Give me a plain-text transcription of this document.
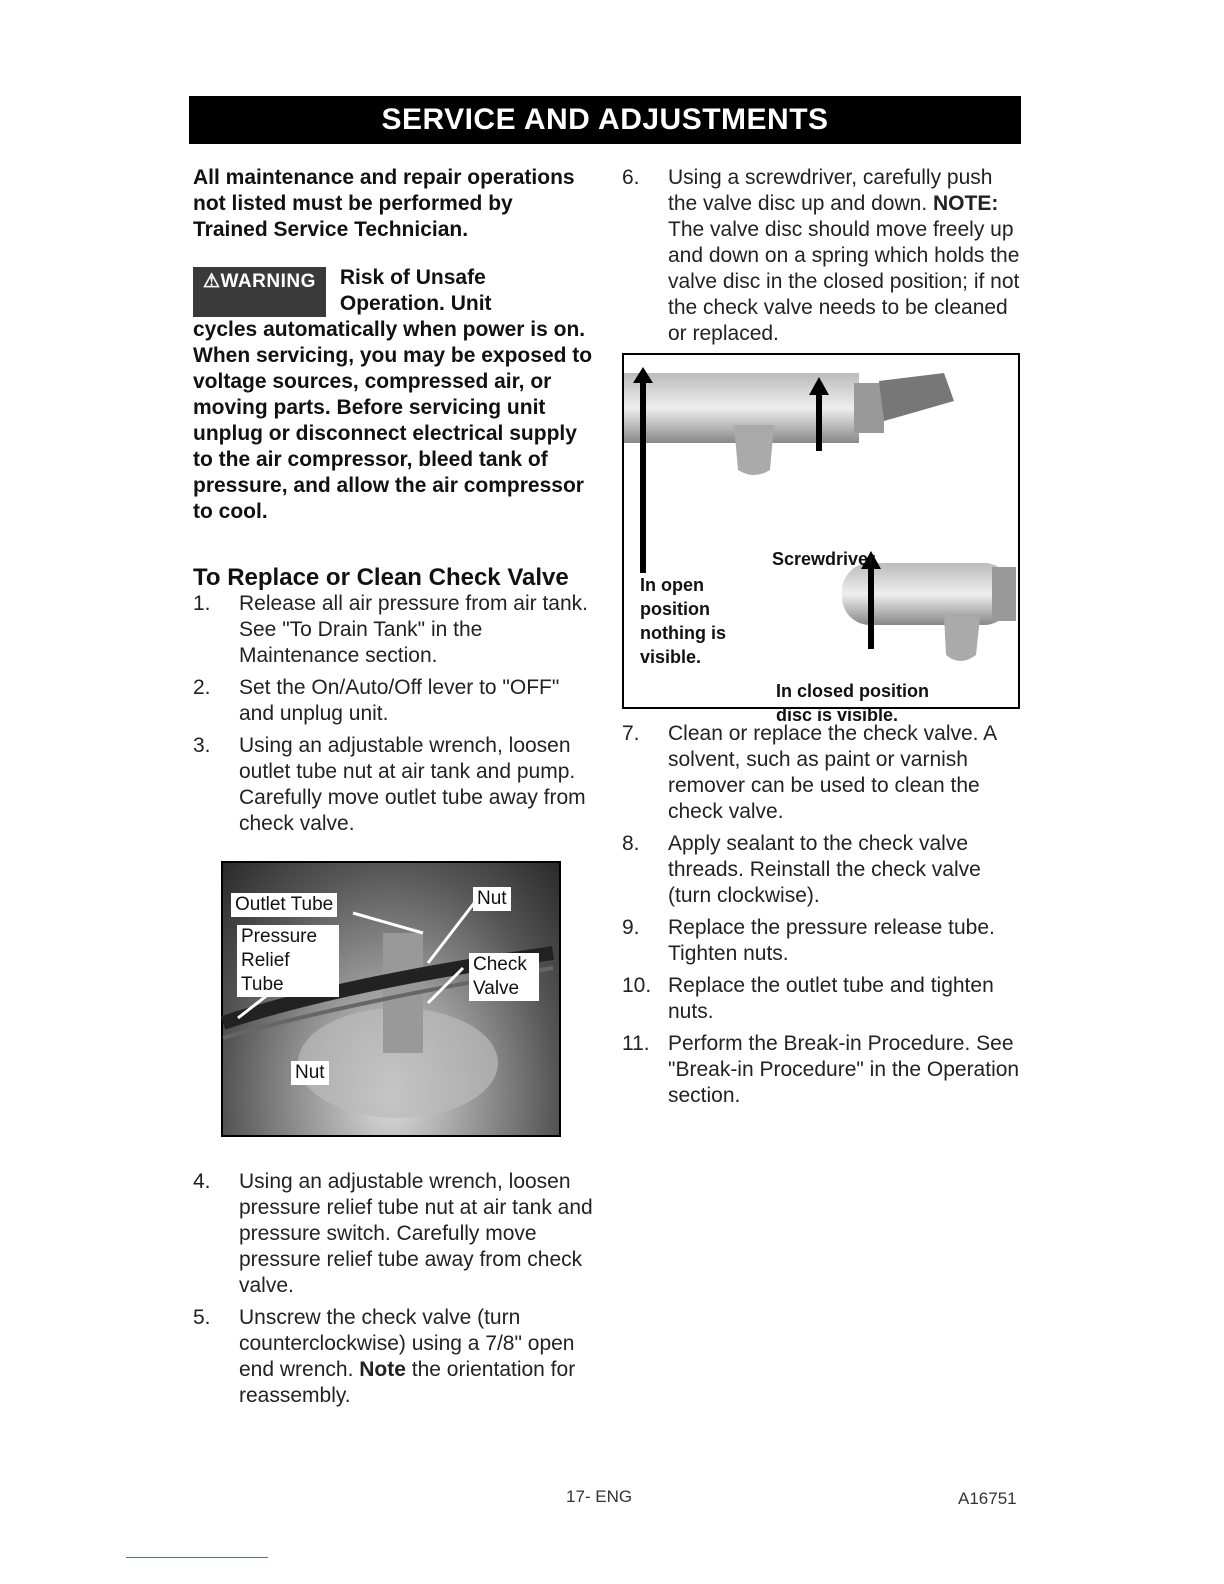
SERVICE AND ADJUSTMENTS

All maintenance and repair operations not listed must be performed by Trained Service Technician.

⚠WARNING	Risk of Unsafe
Operation. Unit
cycles automatically when power is on. When servicing, you may be exposed to voltage sources, compressed air, or moving parts. Before servicing unit unplug or disconnect electrical supply to the air compressor, bleed tank of pressure, and allow the air compressor to cool.
To Replace or Clean Check Valve
1.	Release all air pressure from air tank. See "To Drain Tank" in the Maintenance section.
2.	Set the On/Auto/Off lever to "OFF" and unplug unit.
3.	Using an adjustable wrench, loosen outlet tube nut at air tank and pump. Carefully move outlet tube away from check valve.
Outlet Tube	Nut
Pressure Relief Tube
Check Valve
Nut
4.	Using an adjustable wrench, loosen pressure relief tube nut at air tank and pressure switch. Carefully move pressure relief tube away from check valve.
5.	Unscrew the check valve (turn counterclockwise) using a 7/8" open end wrench. Note the orientation for reassembly.
6.	Using a screwdriver, carefully push the valve disc up and down. NOTE: The valve disc should move freely up and down on a spring which holds the valve disc in the closed position; if not the check valve needs to be cleaned or replaced.
Screwdriver
In open position nothing is visible.
In closed position disc is visible.
7.	Clean or replace the check valve. A solvent, such as paint or varnish remover can be used to clean the check valve.
8.	Apply sealant to the check valve threads. Reinstall the check valve (turn clockwise).
9.	Replace the pressure release tube. Tighten nuts.
10. Replace the outlet tube and tighten nuts.
11. Perform the Break-in Procedure. See "Break-in Procedure" in the Operation section.
17- ENG	A16751
